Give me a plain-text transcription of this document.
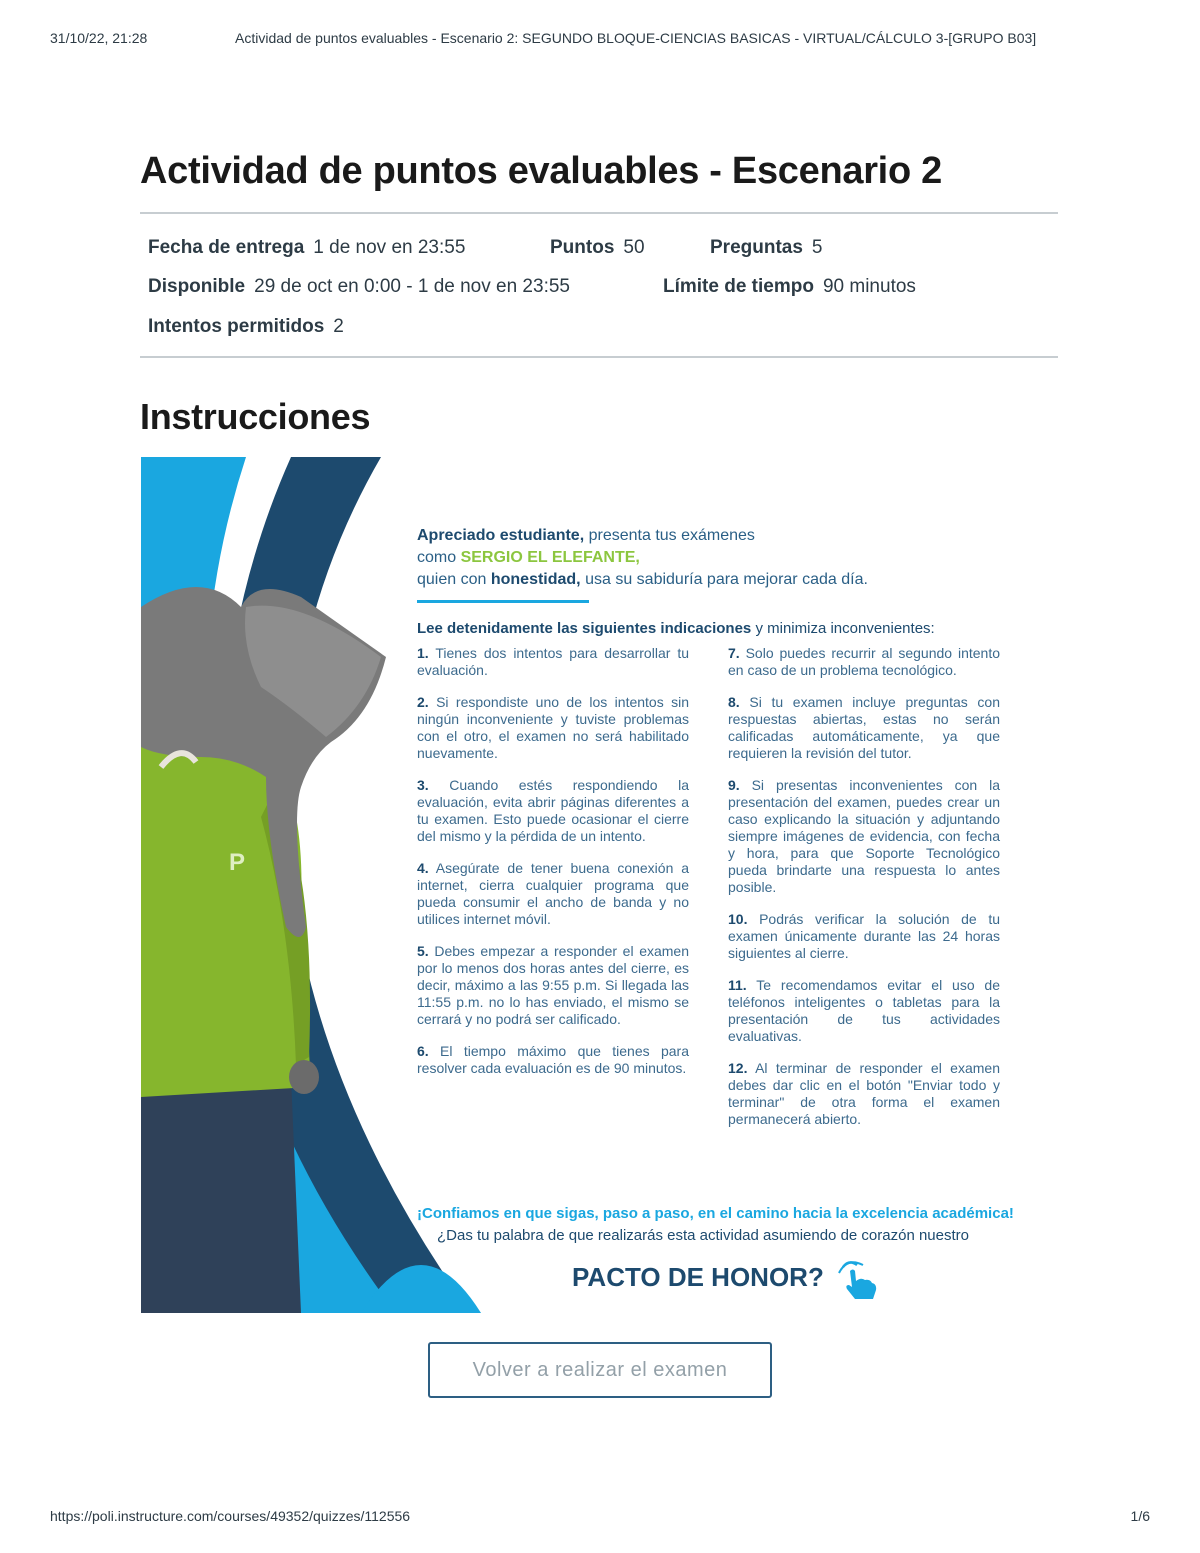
31/10/22, 21:28	Actividad de puntos evaluables - Escenario 2: SEGUNDO BLOQUE-CIENCIAS BASICAS - VIRTUAL/CÁLCULO 3-[GRUPO B03]
Actividad de puntos evaluables - Escenario 2
Fecha de entrega 1 de nov en 23:55	Puntos 50	Preguntas 5
Disponible 29 de oct en 0:00 - 1 de nov en 23:55	Límite de tiempo 90 minutos
Intentos permitidos 2
Instrucciones
P
Apreciado estudiante, presenta tus exámenes
como SERGIO EL ELEFANTE,
quien con honestidad, usa su sabiduría para mejorar cada día.
Lee detenidamente las siguientes indicaciones y minimiza inconvenientes:
1. Tienes dos intentos para desarrollar tu evaluación.
2. Si respondiste uno de los intentos sin ningún inconveniente y tuviste problemas con el otro, el examen no será habilitado nuevamente.
3. Cuando estés respondiendo la evaluación, evita abrir páginas diferentes a tu examen. Esto puede ocasionar el cierre del mismo y la pérdida de un intento.
4. Asegúrate de tener buena conexión a internet, cierra cualquier programa que pueda consumir el ancho de banda y no utilices internet móvil.
5. Debes empezar a responder el examen por lo menos dos horas antes del cierre, es decir, máximo a las 9:55 p.m. Si llegada las 11:55 p.m. no lo has enviado, el mismo se cerrará y no podrá ser calificado.
6. El tiempo máximo que tienes para resolver cada evaluación es de 90 minutos.
7. Solo puedes recurrir al segundo intento en caso de un problema tecnológico.
8. Si tu examen incluye preguntas con respuestas abiertas, estas no serán calificadas automáticamente, ya que requieren la revisión del tutor.
9. Si presentas inconvenientes con la presentación del examen, puedes crear un caso explicando la situación y adjuntando siempre imágenes de evidencia, con fecha y hora, para que Soporte Tecnológico pueda brindarte una respuesta lo antes posible.
10. Podrás verificar la solución de tu examen únicamente durante las 24 horas siguientes al cierre.
11. Te recomendamos evitar el uso de teléfonos inteligentes o tabletas para la presentación de tus actividades evaluativas.
12. Al terminar de responder el examen debes dar clic en el botón "Enviar todo y terminar" de otra forma el examen permanecerá abierto.
¡Confiamos en que sigas, paso a paso, en el camino hacia la excelencia académica!
¿Das tu palabra de que realizarás esta actividad asumiendo de corazón nuestro
PACTO DE HONOR?
Volver a realizar el examen
https://poli.instructure.com/courses/49352/quizzes/112556	1/6
